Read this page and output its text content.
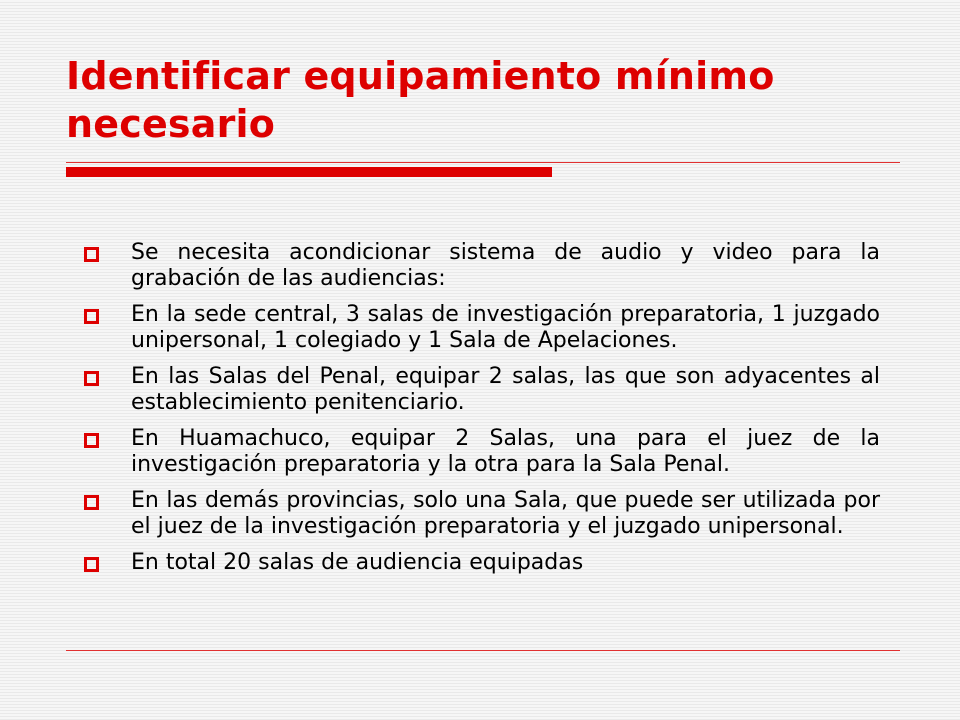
Identificar equipamiento mínimo necesario
Se necesita acondicionar sistema de audio y video para la grabación de las audiencias:
En la sede central, 3 salas de investigación preparatoria, 1 juzgado unipersonal, 1 colegiado y 1 Sala de Apelaciones.
En las Salas del Penal, equipar 2 salas, las que son adyacentes al establecimiento penitenciario.
En Huamachuco, equipar 2 Salas, una para el juez de la investigación preparatoria y la otra para la Sala Penal.
En las demás provincias, solo una Sala, que puede ser utilizada por el juez de la investigación preparatoria y el juzgado unipersonal.
En total 20 salas de audiencia equipadas
